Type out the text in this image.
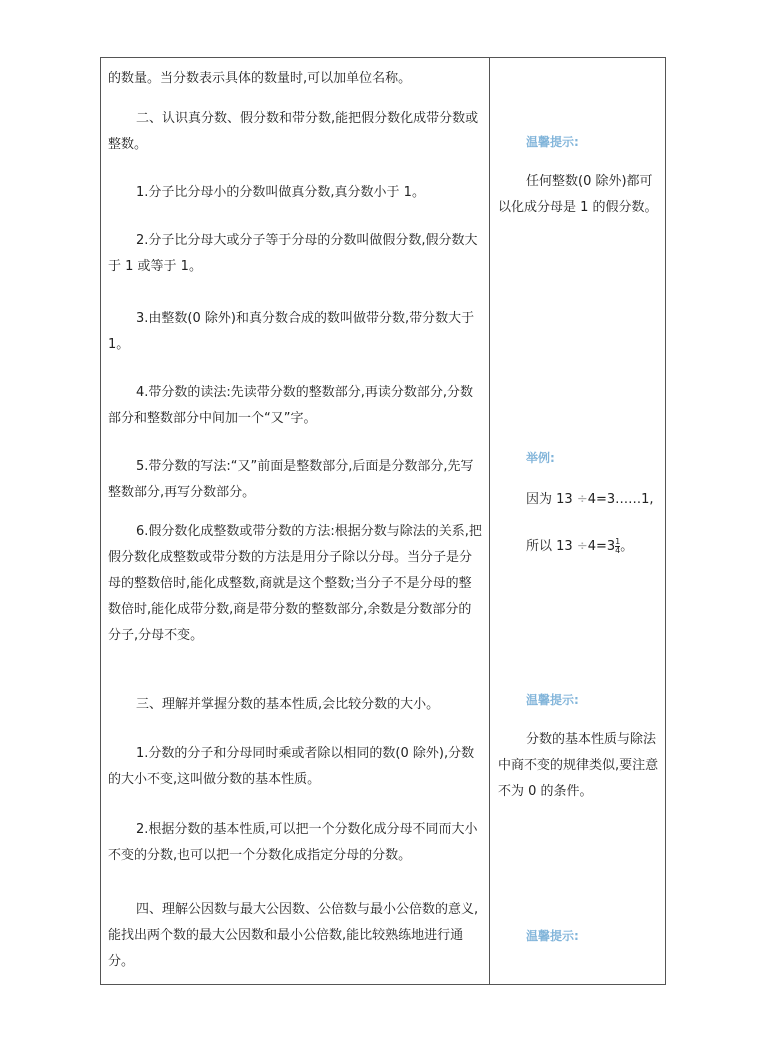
的数量。当分数表示具体的数量时,可以加单位名称。
二、认识真分数、假分数和带分数,能把假分数化成带分数或整数。
1.分子比分母小的分数叫做真分数,真分数小于 1。
2.分子比分母大或分子等于分母的分数叫做假分数,假分数大于 1 或等于 1。
3.由整数(0 除外)和真分数合成的数叫做带分数,带分数大于 1。
4.带分数的读法:先读带分数的整数部分,再读分数部分,分数部分和整数部分中间加一个“又”字。
5.带分数的写法:“又”前面是整数部分,后面是分数部分,先写整数部分,再写分数部分。
6.假分数化成整数或带分数的方法:根据分数与除法的关系,把假分数化成整数或带分数的方法是用分子除以分母。当分子是分母的整数倍时,能化成整数,商就是这个整数;当分子不是分母的整数倍时,能化成带分数,商是带分数的整数部分,余数是分数部分的分子,分母不变。
三、理解并掌握分数的基本性质,会比较分数的大小。
1.分数的分子和分母同时乘或者除以相同的数(0 除外),分数的大小不变,这叫做分数的基本性质。
2.根据分数的基本性质,可以把一个分数化成分母不同而大小不变的分数,也可以把一个分数化成指定分母的分数。
四、理解公因数与最大公因数、公倍数与最小公倍数的意义,能找出两个数的最大公因数和最小公倍数,能比较熟练地进行通分。
温馨提示:
任何整数(0 除外)都可以化成分母是 1 的假分数。
举例:
因为 13 ÷4=3……1,
所以 $13 \div 4=3 \frac{1}{4}$ 。
温馨提示:
分数的基本性质与除法中商不变的规律类似,要注意不为 0 的条件。
温馨提示:
